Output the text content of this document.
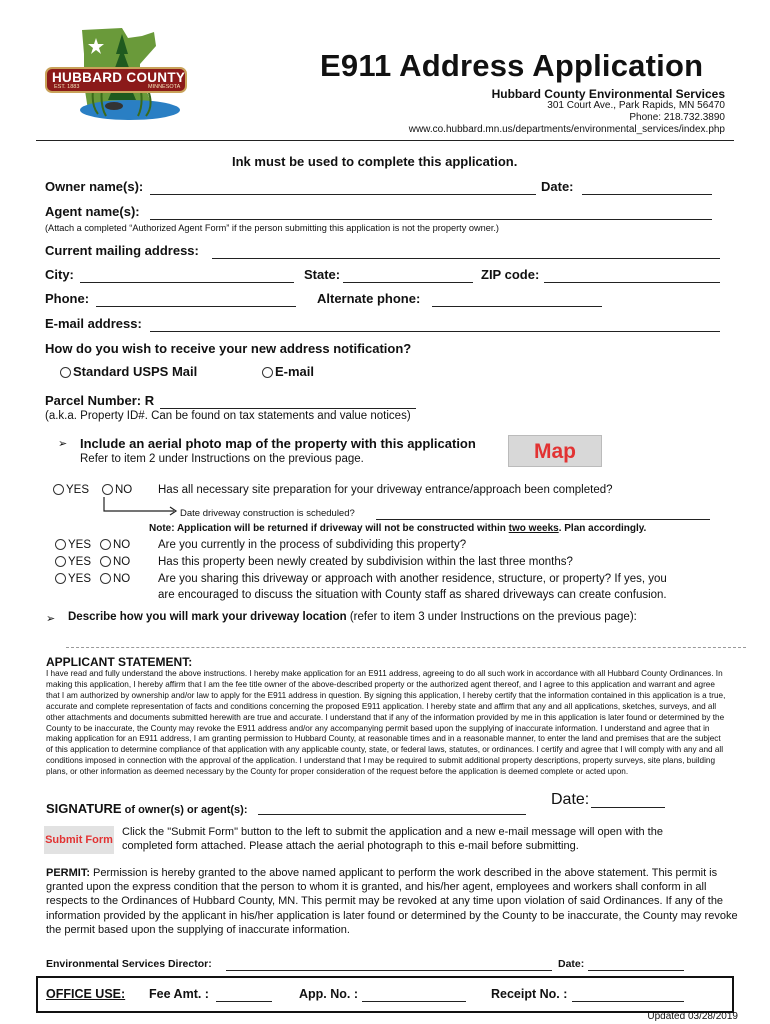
HUBBARD COUNTY
EST. 1883	MINNESOTA
E911 Address Application
Hubbard County Environmental Services
301 Court Ave., Park Rapids, MN 56470
Phone: 218.732.3890
www.co.hubbard.mn.us/departments/environmental_services/index.php
Ink must be used to complete this application.
Owner name(s):	Date:
Agent name(s):
(Attach a completed “Authorized Agent Form” if the person submitting this application is not the property owner.)
Current mailing address:
City:	State:	ZIP code:
Phone:	Alternate phone:
E-mail address:
How do you wish to receive your new address notification?
Standard USPS Mail	E-mail
Parcel Number: R
(a.k.a. Property ID#. Can be found on tax statements and value notices)
➢ Include an aerial photo map of the property with this application
Refer to item 2 under Instructions on the previous page.	Map
YES	NO Has all necessary site preparation for your driveway entrance/approach been completed?
Date driveway construction is scheduled?
Note: Application will be returned if driveway will not be constructed within two weeks. Plan accordingly.
YES	NO Are you currently in the process of subdividing this property?
YES	NO Has this property been newly created by subdivision within the last three months?
YES	NO Are you sharing this driveway or approach with another residence, structure, or property? If yes, you
are encouraged to discuss the situation with County staff as shared driveways can create confusion.
➢ Describe how you will mark your driveway location (refer to item 3 under Instructions on the previous page):
APPLICANT STATEMENT:
I have read and fully understand the above instructions. I hereby make application for an E911 address, agreeing to do all such work in accordance with all Hubbard County Ordinances. In making this application, I hereby affirm that I am the fee title owner of the above-described property or the authorized agent thereof, and I agree to this application and warrant and agree that I am authorized by ownership and/or law to apply for the E911 address in question. By signing this application, I hereby certify that the information contained in this application is a true, accurate and complete representation of facts and conditions concerning the proposed E911 application. I hereby state and affirm that any and all applications, sketches, surveys, and all other attachments and documents submitted herewith are true and accurate. I understand that if any of the information provided by me in this application is later found or determined by the County to be inaccurate, the County may revoke the E911 address and/or any accompanying permit based upon the supplying of inaccurate information. I understand and agree that in making application for an E911 address, I am granting permission to Hubbard County, at reasonable times and in a reasonable manner, to enter the land and premises that are the subject of this application to determine compliance of that application with any applicable county, state, or federal laws, statutes, or ordinances. I certify and agree that I will comply with any and all conditions imposed in connection with the approval of the application. I understand that I may be required to submit additional property descriptions, property surveys, site plans, building plans, or other information as deemed necessary by the County for proper consideration of the request before the application is deemed complete or acted upon.
SIGNATURE of owner(s) or agent(s):
Date:
Submit Form
Click the "Submit Form" button to the left to submit the application and a new e-mail message will open with the
completed form attached. Please attach the aerial photograph to this e-mail before submitting.
PERMIT: Permission is hereby granted to the above named applicant to perform the work described in the above statement. This permit is granted upon the express condition that the person to whom it is granted, and his/her agent, employees and workers shall conform in all respects to the Ordinances of Hubbard County, MN. This permit may be revoked at any time upon violation of said Ordinances. If any of the information provided by the applicant in his/her application is later found or determined by the County to be inaccurate, the County may revoke the permit based upon the supplying of inaccurate information.
Environmental Services Director:	Date:
OFFICE USE: Fee Amt. :	App. No. :	Receipt No. :
Updated 03/28/2019
